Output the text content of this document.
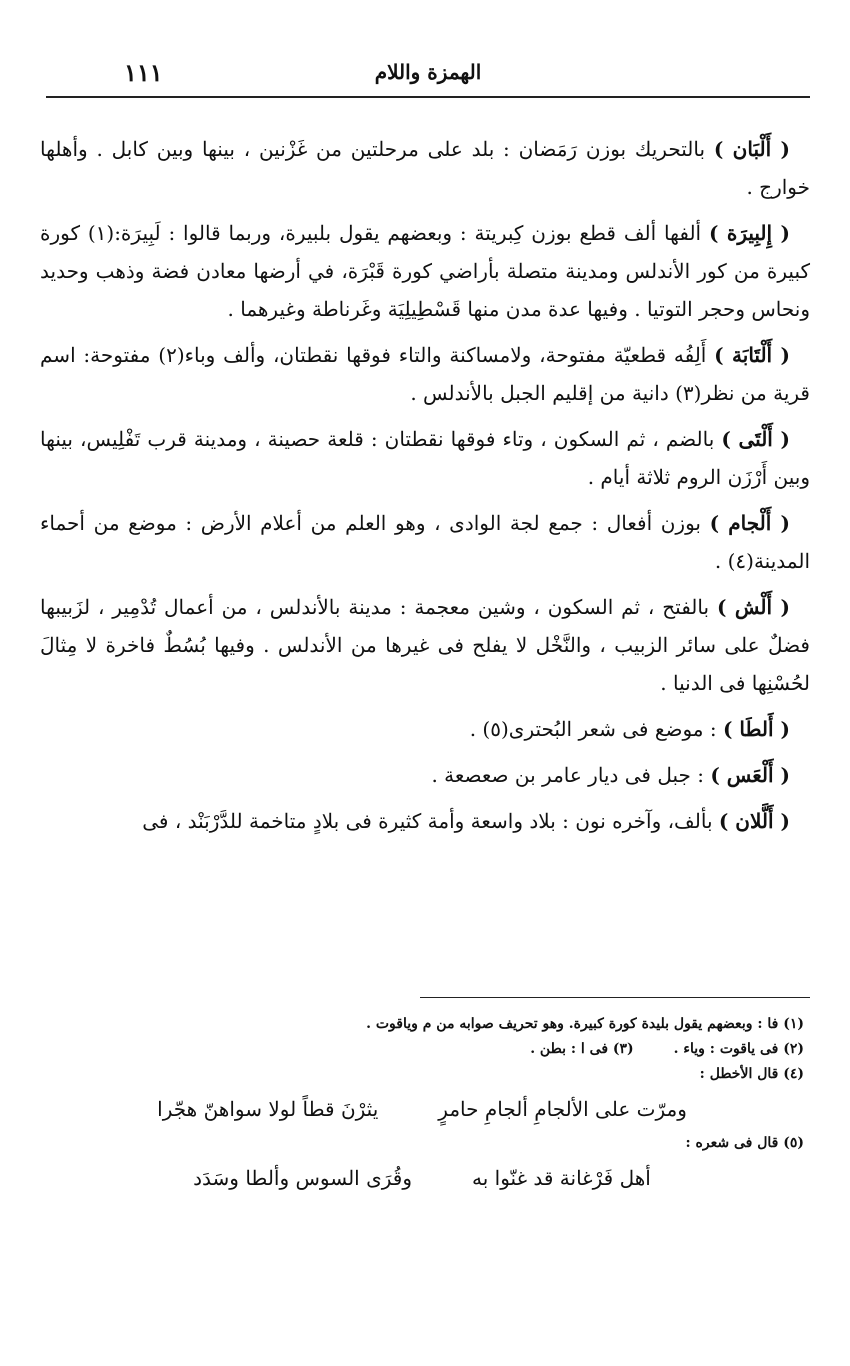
الهمزة واللام
١١١

( أَلْبَان ) بالتحريك بوزن رَمَضان : بلد على مرحلتين من غَزْنين ، بينها وبين كابل . وأهلها خوارج .

( إِلبِيرَة ) ألفها ألف قطع بوزن كِبريتة : وبعضهم يقول بلبيرة، وربما قالوا : لَبِيرَة:(١) كورة كبيرة من كور الأندلس ومدينة متصلة بأراضي كورة قَبْرَة، في أرضها معادن فضة وذهب وحديد ونحاس وحجر التوتيا . وفيها عدة مدن منها قَسْطِيلِيَة وغَرناطة وغيرهما .

( أَلْتَابَة ) أَلِفُه قطعيّة مفتوحة، ولامساكنة والتاء فوقها نقطتان، وألف وباء(٢) مفتوحة: اسم قرية من نظر(٣) دانية من إقليم الجبل بالأندلس .

( أَلْتَى ) بالضم ، ثم السكون ، وتاء فوقها نقطتان : قلعة حصينة ، ومدينة قرب تَفْلِيس، بينها وبين أَرْزَن الروم ثلاثة أيام .

( أَلْجام ) بوزن أفعال : جمع لجة الوادى ، وهو العلم من أعلام الأرض : موضع من أحماء المدينة(٤) .

( أَلْش ) بالفتح ، ثم السكون ، وشين معجمة : مدينة بالأندلس ، من أعمال تُدْمِير ، لزَبيبها فضلٌ على سائر الزبيب ، والنَّخْل لا يفلح فى غيرها من الأندلس . وفيها بُسُطٌ فاخرة لا مِثالَ لحُسْنِها فى الدنيا .

( أَلطَا ) : موضع فى شعر البُحترى(٥) .

( أَلْعَس ) : جبل فى ديار عامر بن صعصعة .

( أَلَّلان ) بألف، وآخره نون : بلاد واسعة وأمة كثيرة فى بلادٍ متاخمة للدَّرْبَنْد ، فى

(١) فا : وبعضهم يقول بليدة كورة كبيرة. وهو تحريف صوابه من م وياقوت .

(٢) فى ياقوت : وياء .(٣) فى ا : بطن .

(٤) قال الأخطل :

ومرّت على الألجامِ ألجامِ حامرٍ
يثرْنَ قطاً لولا سواهنّ هجّرا

(٥) قال فى شعره :

أهل فَرْغانة قد غنّوا به
وقُرَى السوس وألطا وسَدَد
